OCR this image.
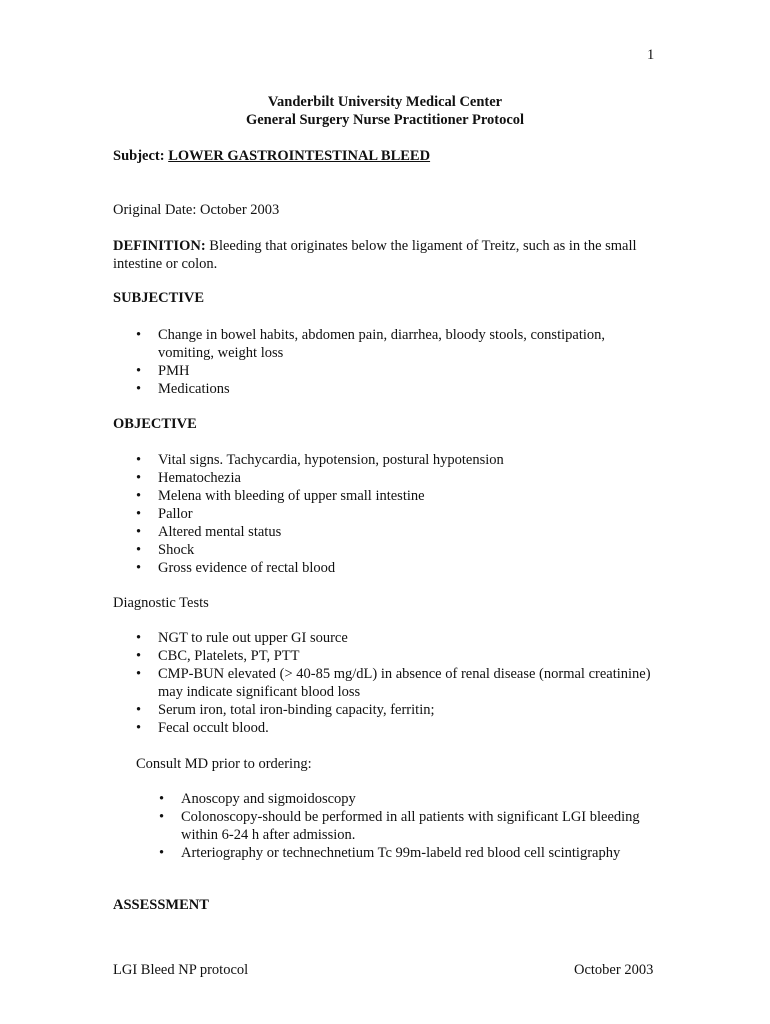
1
Vanderbilt University Medical Center
General Surgery Nurse Practitioner Protocol
Subject: LOWER GASTROINTESTINAL BLEED
Original Date: October 2003
DEFINITION: Bleeding that originates below the ligament of Treitz, such as in the small intestine or colon.
SUBJECTIVE
• Change in bowel habits, abdomen pain, diarrhea, bloody stools, constipation, vomiting, weight loss
• PMH
• Medications
OBJECTIVE
• Vital signs. Tachycardia, hypotension, postural hypotension
• Hematochezia
• Melena with bleeding of upper small intestine
• Pallor
• Altered mental status
• Shock
• Gross evidence of rectal blood
Diagnostic Tests
• NGT to rule out upper GI source
• CBC, Platelets, PT, PTT
• CMP-BUN elevated (> 40-85 mg/dL) in absence of renal disease (normal creatinine) may indicate significant blood loss
• Serum iron, total iron-binding capacity, ferritin;
• Fecal occult blood.
Consult MD prior to ordering:
• Anoscopy and sigmoidoscopy
• Colonoscopy-should be performed in all patients with significant LGI bleeding within 6-24 h after admission.
• Arteriography or technechnetium Tc 99m-labeld red blood cell scintigraphy
ASSESSMENT
LGI Bleed NP protocol	October 2003
